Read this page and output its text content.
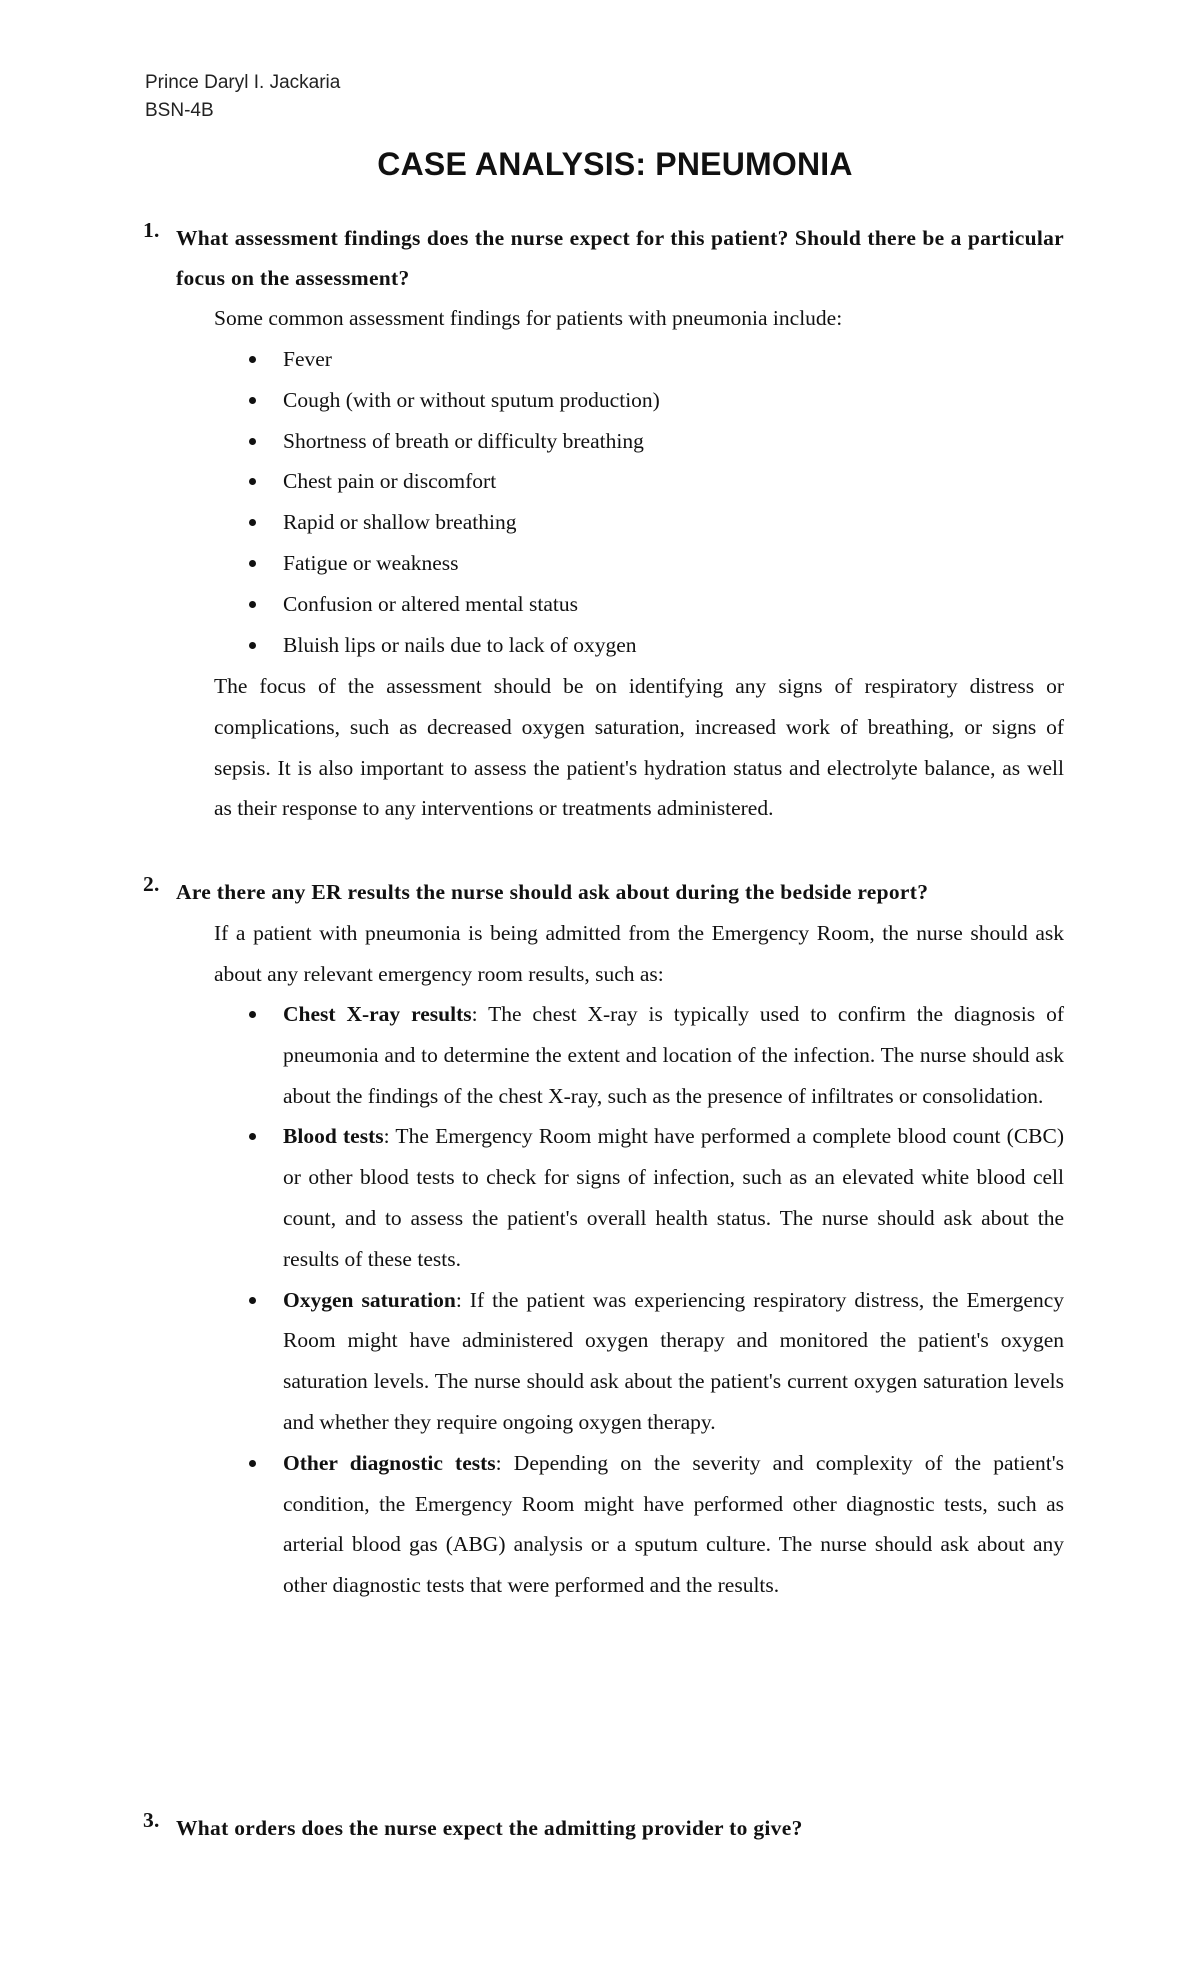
Prince Daryl I. Jackaria
BSN-4B
CASE ANALYSIS: PNEUMONIA
1. What assessment findings does the nurse expect for this patient? Should there be a particular focus on the assessment?
Some common assessment findings for patients with pneumonia include:
Fever
Cough (with or without sputum production)
Shortness of breath or difficulty breathing
Chest pain or discomfort
Rapid or shallow breathing
Fatigue or weakness
Confusion or altered mental status
Bluish lips or nails due to lack of oxygen
The focus of the assessment should be on identifying any signs of respiratory distress or complications, such as decreased oxygen saturation, increased work of breathing, or signs of sepsis. It is also important to assess the patient's hydration status and electrolyte balance, as well as their response to any interventions or treatments administered.
2. Are there any ER results the nurse should ask about during the bedside report?
If a patient with pneumonia is being admitted from the Emergency Room, the nurse should ask about any relevant emergency room results, such as:
Chest X-ray results: The chest X-ray is typically used to confirm the diagnosis of pneumonia and to determine the extent and location of the infection. The nurse should ask about the findings of the chest X-ray, such as the presence of infiltrates or consolidation.
Blood tests: The Emergency Room might have performed a complete blood count (CBC) or other blood tests to check for signs of infection, such as an elevated white blood cell count, and to assess the patient's overall health status. The nurse should ask about the results of these tests.
Oxygen saturation: If the patient was experiencing respiratory distress, the Emergency Room might have administered oxygen therapy and monitored the patient's oxygen saturation levels. The nurse should ask about the patient's current oxygen saturation levels and whether they require ongoing oxygen therapy.
Other diagnostic tests: Depending on the severity and complexity of the patient's condition, the Emergency Room might have performed other diagnostic tests, such as arterial blood gas (ABG) analysis or a sputum culture. The nurse should ask about any other diagnostic tests that were performed and the results.
3. What orders does the nurse expect the admitting provider to give?
